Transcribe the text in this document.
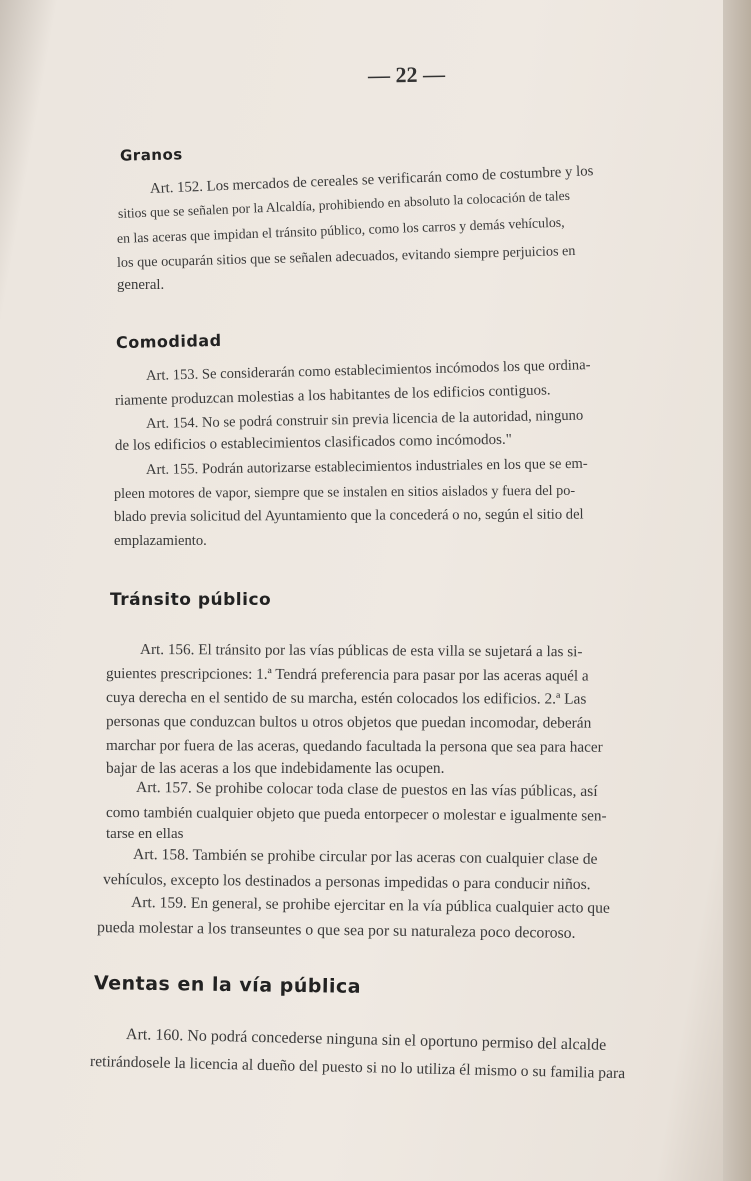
— 22 —
Granos
Art. 152. Los mercados de cereales se verificarán como de costumbre y los
sitios que se señalen por la Alcaldía, prohibiendo en absoluto la colocación de tales
en las aceras que impidan el tránsito público, como los carros y demás vehículos,
los que ocuparán sitios que se señalen adecuados, evitando siempre perjuicios en
general.
Comodidad
Art. 153. Se considerarán como establecimientos incómodos los que ordina-
riamente produzcan molestias a los habitantes de los edificios contiguos.
Art. 154. No se podrá construir sin previa licencia de la autoridad, ninguno
de los edificios o establecimientos clasificados como incómodos."
Art. 155. Podrán autorizarse establecimientos industriales en los que se em-
pleen motores de vapor, siempre que se instalen en sitios aislados y fuera del po-
blado previa solicitud del Ayuntamiento que la concederá o no, según el sitio del
emplazamiento.
Tránsito público
Art. 156. El tránsito por las vías públicas de esta villa se sujetará a las si-
guientes prescripciones: 1.ª Tendrá preferencia para pasar por las aceras aquél a
cuya derecha en el sentido de su marcha, estén colocados los edificios. 2.ª Las
personas que conduzcan bultos u otros objetos que puedan incomodar, deberán
marchar por fuera de las aceras, quedando facultada la persona que sea para hacer
bajar de las aceras a los que indebidamente las ocupen.
Art. 157. Se prohibe colocar toda clase de puestos en las vías públicas, así
como también cualquier objeto que pueda entorpecer o molestar e igualmente sen-
tarse en ellas
Art. 158. También se prohibe circular por las aceras con cualquier clase de
vehículos, excepto los destinados a personas impedidas o para conducir niños.
Art. 159. En general, se prohibe ejercitar en la vía pública cualquier acto que
pueda molestar a los transeuntes o que sea por su naturaleza poco decoroso.
Ventas en la vía pública
Art. 160. No podrá concederse ninguna sin el oportuno permiso del alcalde
retirándosele la licencia al dueño del puesto si no lo utiliza él mismo o su familia para
